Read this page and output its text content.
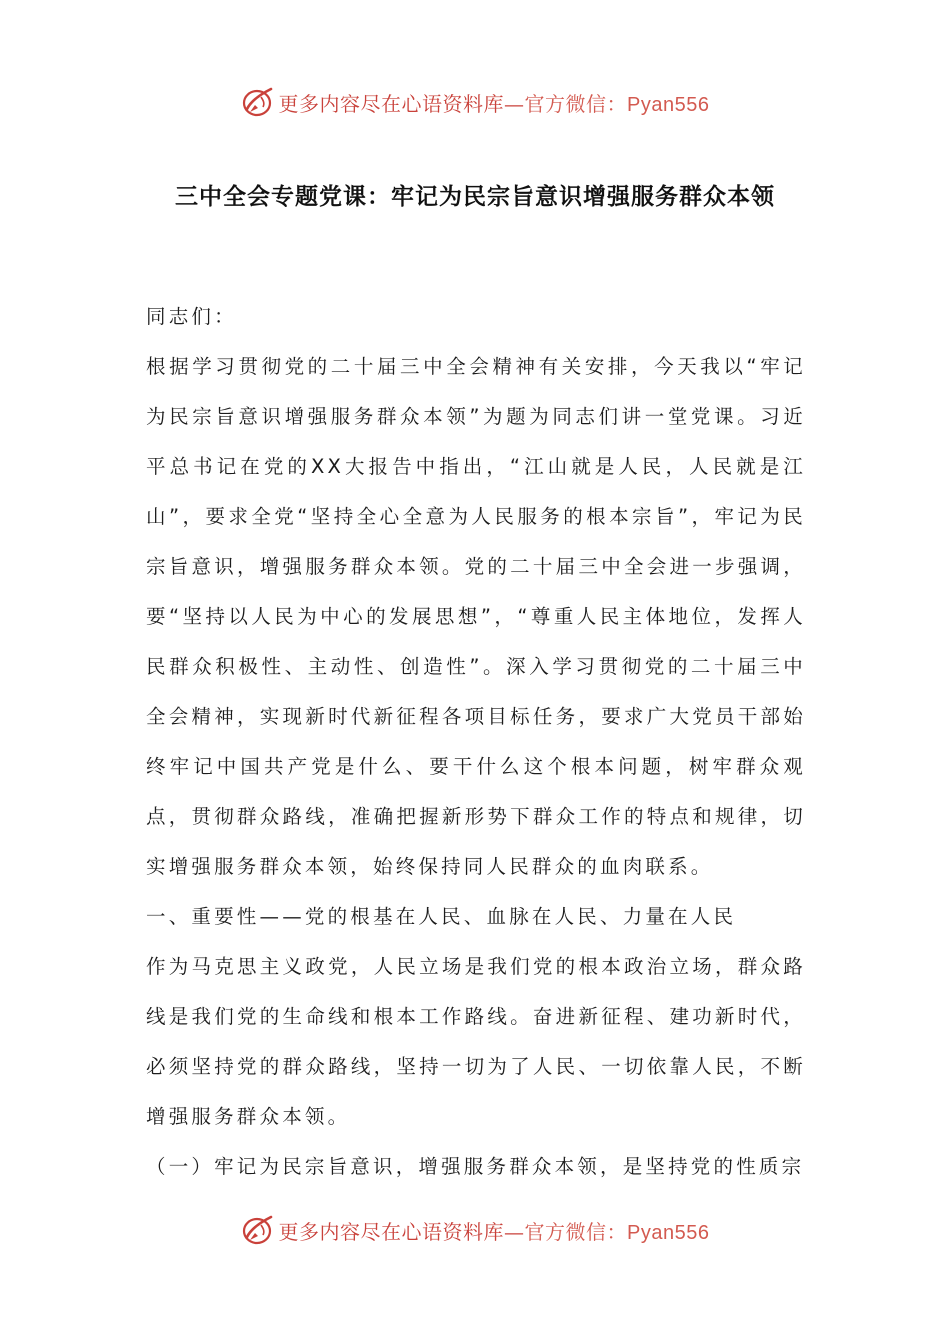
更多内容尽在心语资料库—官方微信：Pyan556
三中全会专题党课：牢记为民宗旨意识增强服务群众本领

同志们：

根据学习贯彻党的二十届三中全会精神有关安排，今天我以“牢记为民宗旨意识增强服务群众本领”为题为同志们讲一堂党课。习近平总书记在党的XX大报告中指出，“江山就是人民，人民就是江山”，要求全党“坚持全心全意为人民服务的根本宗旨”，牢记为民宗旨意识，增强服务群众本领。党的二十届三中全会进一步强调，要“坚持以人民为中心的发展思想”，“尊重人民主体地位，发挥人民群众积极性、主动性、创造性”。深入学习贯彻党的二十届三中全会精神，实现新时代新征程各项目标任务，要求广大党员干部始终牢记中国共产党是什么、要干什么这个根本问题，树牢群众观点，贯彻群众路线，准确把握新形势下群众工作的特点和规律，切实增强服务群众本领，始终保持同人民群众的血肉联系。

一、重要性——党的根基在人民、血脉在人民、力量在人民

作为马克思主义政党，人民立场是我们党的根本政治立场，群众路线是我们党的生命线和根本工作路线。奋进新征程、建功新时代，必须坚持党的群众路线，坚持一切为了人民、一切依靠人民，不断增强服务群众本领。

（一）牢记为民宗旨意识，增强服务群众本领，是坚持党的性质宗

更多内容尽在心语资料库—官方微信：Pyan556
